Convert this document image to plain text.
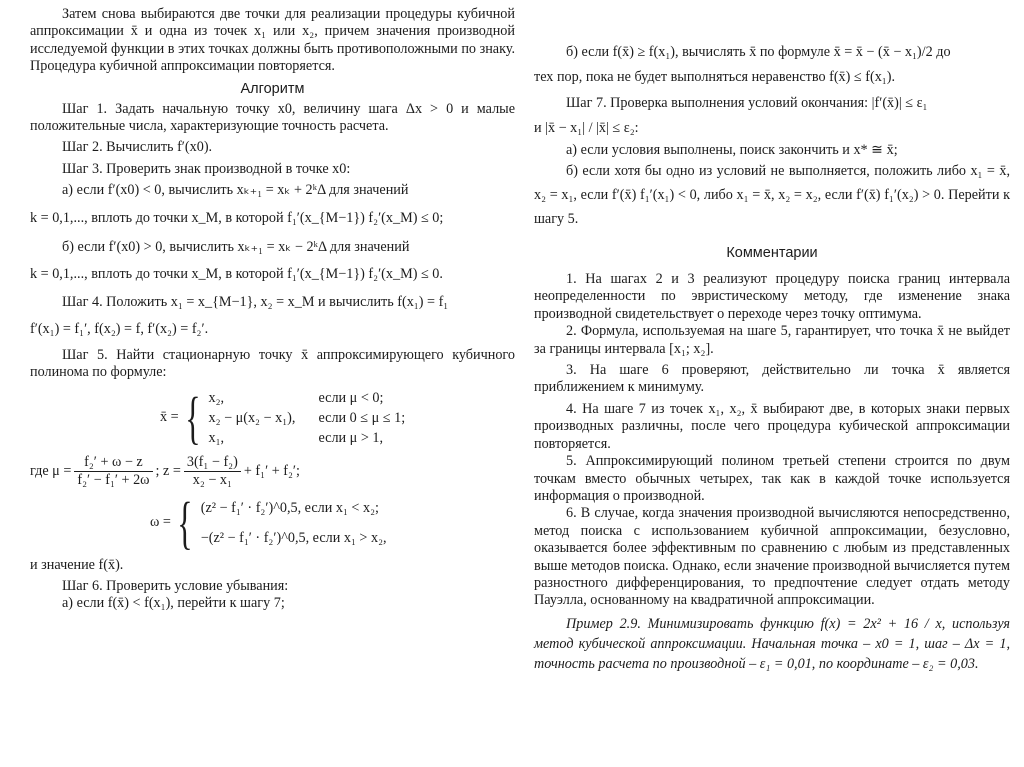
Затем снова выбираются две точки для реализации процедуры кубичной аппроксимации x̄ и одна из точек x₁ или x₂, причем значения производной исследуемой функции в этих точках должны быть противоположными по знаку. Процедура кубичной аппроксимации повторяется.

Алгоритм

Шаг 1. Задать начальную точку x0, величину шага Δx > 0 и малые положительные числа, характеризующие точность расчета.

Шаг 2. Вычислить f′(x0).

Шаг 3. Проверить знак производной в точке x0:

а) если f′(x0) < 0, вычислить xₖ₊₁ = xₖ + 2ᵏΔ для значений

k = 0,1,..., вплоть до точки x_M, в которой f₁′(x_{M−1}) f₂′(x_M) ≤ 0;

б) если f′(x0) > 0, вычислить xₖ₊₁ = xₖ − 2ᵏΔ для значений

k = 0,1,..., вплоть до точки x_M, в которой f₁′(x_{M−1}) f₂′(x_M) ≤ 0.

Шаг 4. Положить x₁ = x_{M−1}, x₂ = x_M и вычислить f(x₁) = f₁

f′(x₁) = f₁′, f(x₂) = f, f′(x₂) = f₂′.

Шаг 5. Найти стационарную точку x̄ аппроксимирующего кубичного полинома по формуле:

x̄ = { x₂,	если μ < 0;
x₂ − μ(x₂ − x₁),	если 0 ≤ μ ≤ 1;
x₁,	если μ > 1,
где $\mu = \frac{\text{f₂′ + ω − z}}{\text{f₂′ − f₁′ + 2ω}}$ ; $z = \frac{\text{3(f₁ − f₂)}}{\text{x₂ − x₁}} + f_1' + f_2'$;
ω = { (z² − f₁′ · f₂′)^0,5, если x₁ < x₂;
−(z² − f₁′ · f₂′)^0,5, если x₁ > x₂,

и значение f(x̄).

Шаг 6. Проверить условие убывания:

а) если f(x̄) < f(x₁), перейти к шагу 7;

б) если f(x̄) ≥ f(x₁), вычислять x̄ по формуле x̄ = x̄ − (x̄ − x₁)/2 до

тех пор, пока не будет выполняться неравенство f(x̄) ≤ f(x₁).

Шаг 7. Проверка выполнения условий окончания: |f′(x̄)| ≤ ε₁

и |x̄ − x₁| / |x̄| ≤ ε₂:

а) если условия выполнены, поиск закончить и x* ≅ x̄;

б) если хотя бы одно из условий не выполняется, положить либо x₁ = x̄, x₂ = x₁, если f′(x̄) f₁′(x₁) < 0, либо x₁ = x̄, x₂ = x₂, если f′(x̄) f₁′(x₂) > 0. Перейти к шагу 5.

Комментарии

1. На шагах 2 и 3 реализуют процедуру поиска границ интервала неопределенности по эвристическому методу, где изменение знака производной свидетельствует о переходе через точку оптимума.

2. Формула, используемая на шаге 5, гарантирует, что точка x̄ не выйдет за границы интервала [x₁; x₂].

3. На шаге 6 проверяют, действительно ли точка x̄ является приближением к минимуму.

4. На шаге 7 из точек x₁, x₂, x̄ выбирают две, в которых знаки первых производных различны, после чего процедура кубической аппроксимации повторяется.

5. Аппроксимирующий полином третьей степени строится по двум точкам вместо обычных четырех, так как в каждой точке используется информация о производной.

6. В случае, когда значения производной вычисляются непосредственно, метод поиска с использованием кубичной аппроксимации, безусловно, оказывается более эффективным по сравнению с любым из представленных выше методов поиска. Однако, если значение производной вычисляется путем разностного дифференцирования, то предпочтение следует отдать методу Пауэлла, основанному на квадратичной аппроксимации.

Пример 2.9. Минимизировать функцию f(x) = 2x² + 16 / x, используя метод кубической аппроксимации. Начальная точка – x0 = 1, шаг – Δx = 1, точность расчета по производной – ε₁ = 0,01, по координате – ε₂ = 0,03.
